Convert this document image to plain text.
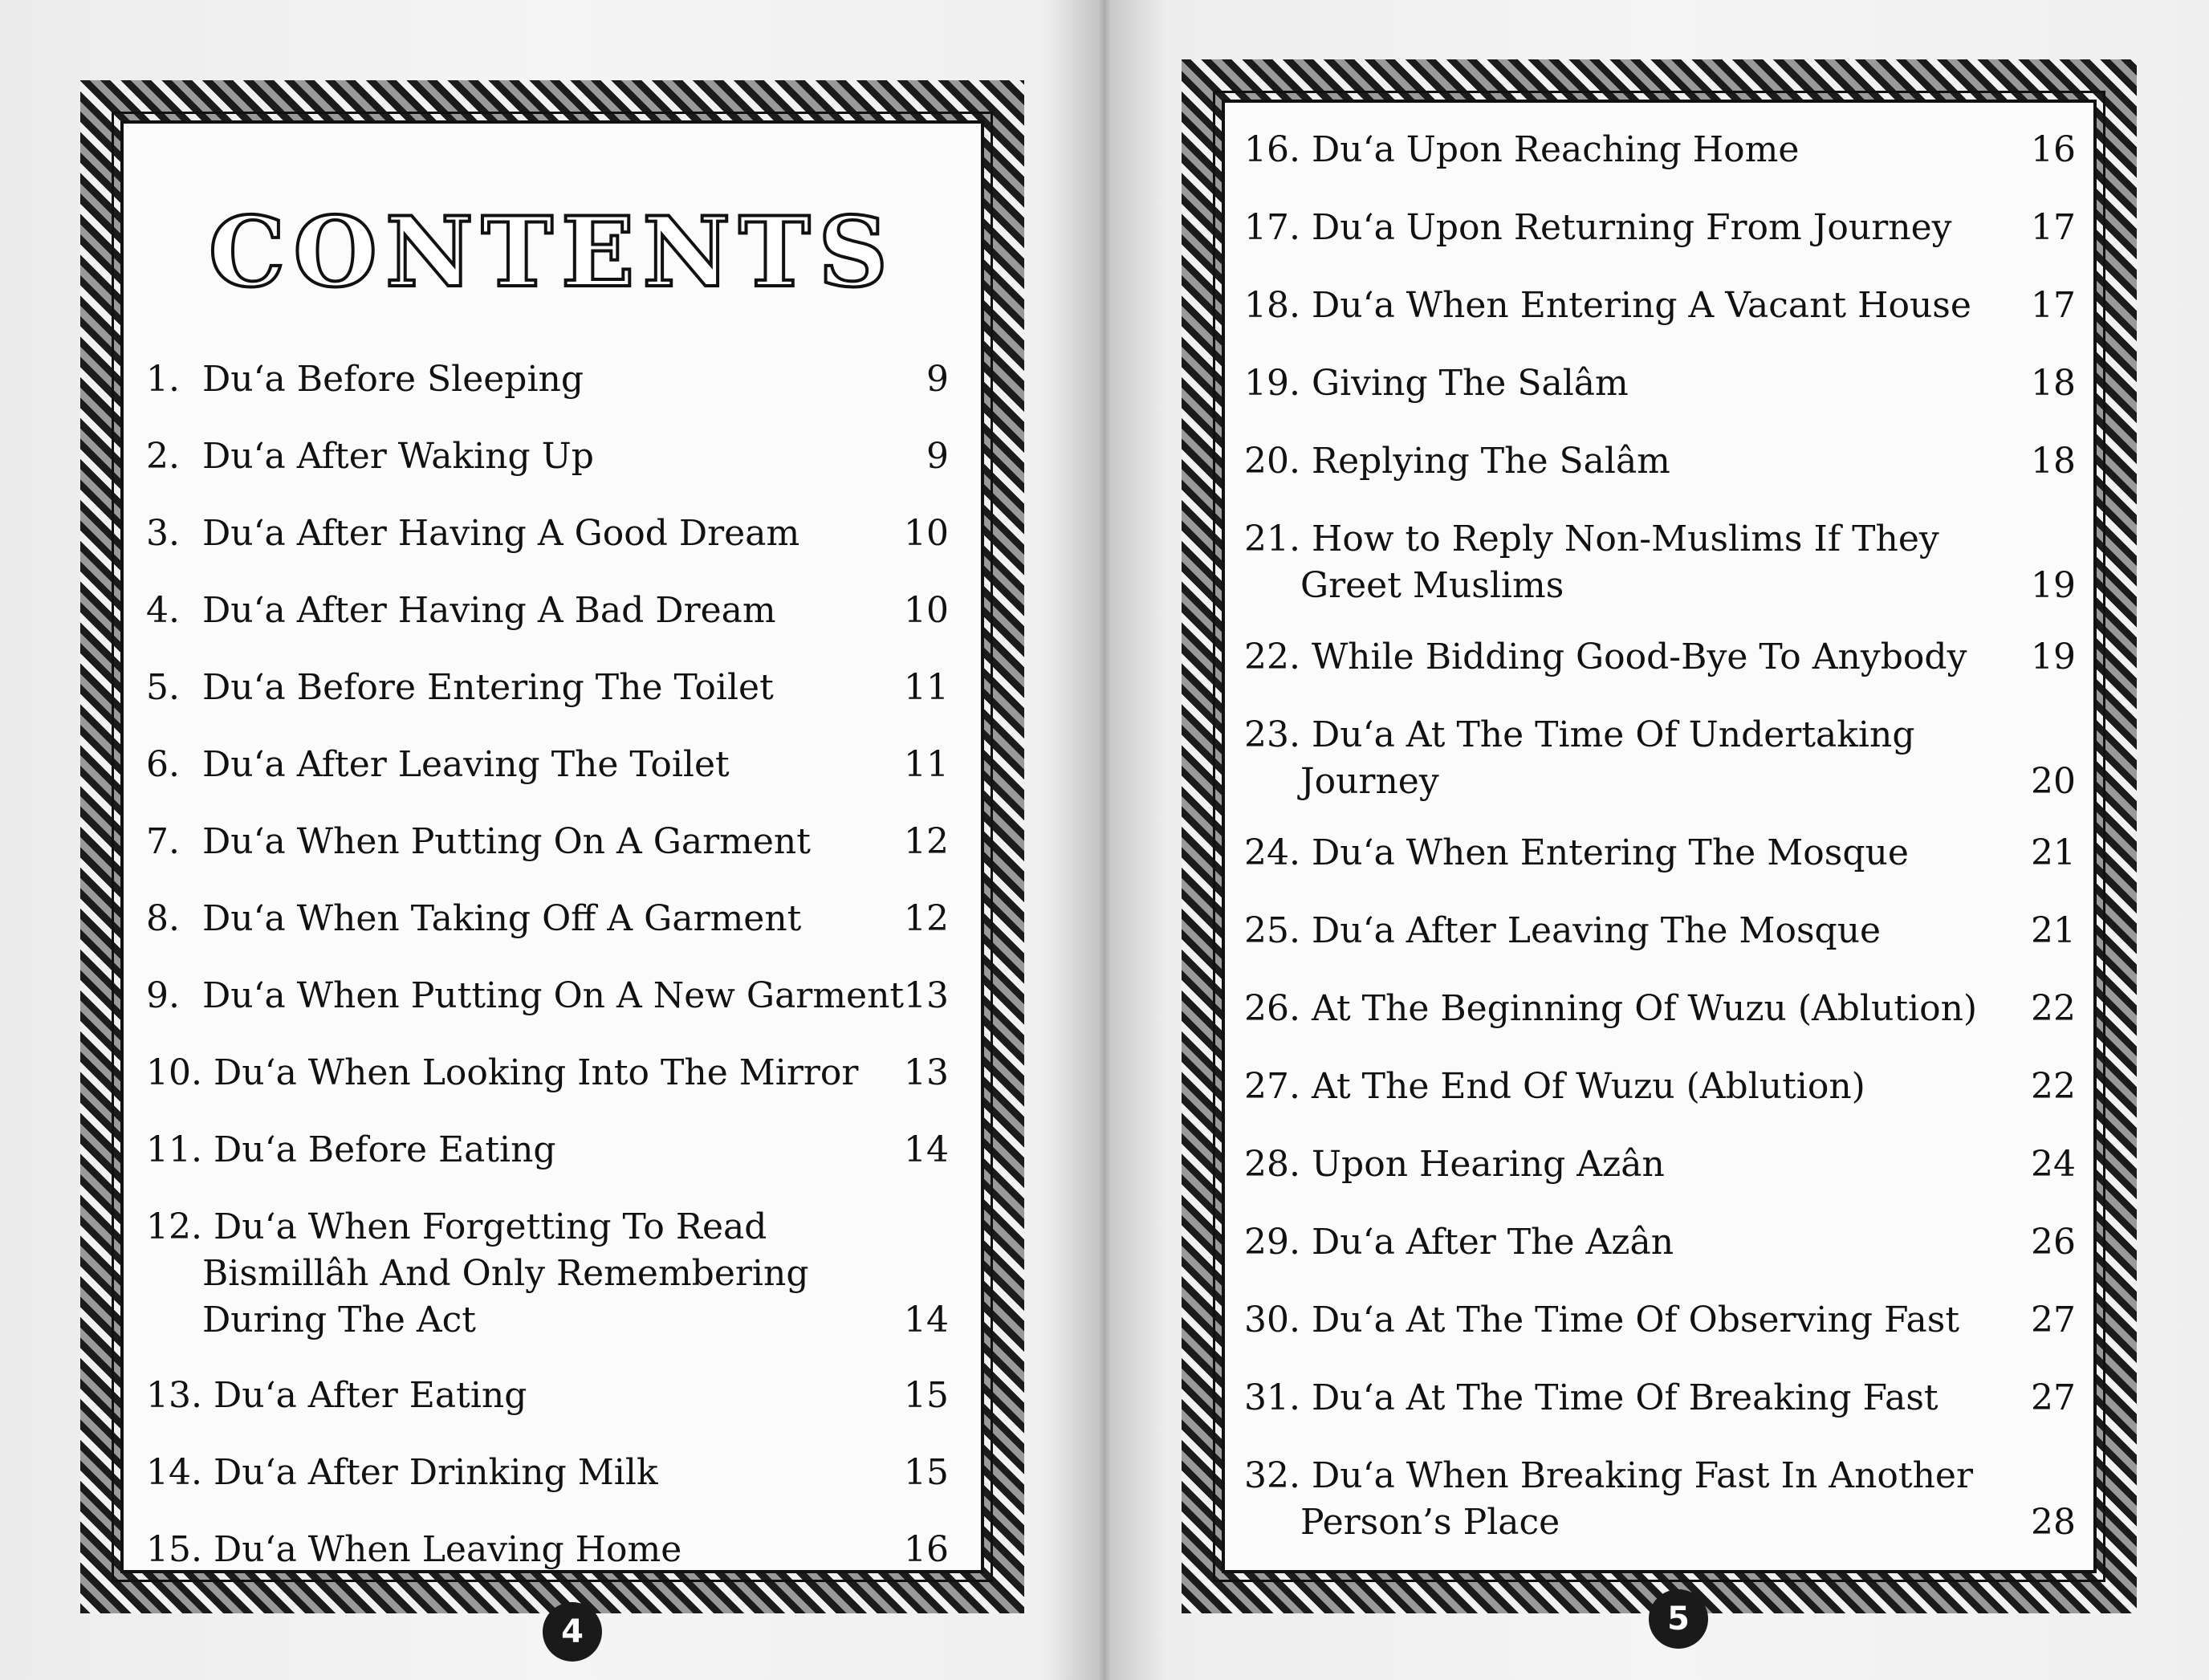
CONTENTS
1.  Du‘a Before Sleeping	9
2.  Du‘a After Waking Up	9
3.  Du‘a After Having A Good Dream	10
4.  Du‘a After Having A Bad Dream	10
5.  Du‘a Before Entering The Toilet	11
6.  Du‘a After Leaving The Toilet	11
7.  Du‘a When Putting On A Garment	12
8.  Du‘a When Taking Off A Garment	12
9.  Du‘a When Putting On A New Garment 13
10. Du‘a When Looking Into The Mirror 13
11. Du‘a Before Eating	14
12. Du‘a When Forgetting To Read
Bismillâh And Only Remembering
During The Act	14
13. Du‘a After Eating	15
14. Du‘a After Drinking Milk	15
15. Du‘a When Leaving Home	16
4
16. Du‘a Upon Reaching Home	16
17. Du‘a Upon Returning From Journey 17
18. Du‘a When Entering A Vacant House 17
19. Giving The Salâm	18
20. Replying The Salâm	18
21. How to Reply Non-Muslims If They
Greet Muslims	19
22. While Bidding Good-Bye To Anybody 19
23. Du‘a At The Time Of Undertaking
Journey	20
24. Du‘a When Entering The Mosque	21
25. Du‘a After Leaving The Mosque	21
26. At The Beginning Of Wuzu (Ablution) 22
27. At The End Of Wuzu (Ablution)	22
28. Upon Hearing Azân	24
29. Du‘a After The Azân	26
30. Du‘a At The Time Of Observing Fast 27
31. Du‘a At The Time Of Breaking Fast	27
32. Du‘a When Breaking Fast In Another
Person’s Place	28
5
